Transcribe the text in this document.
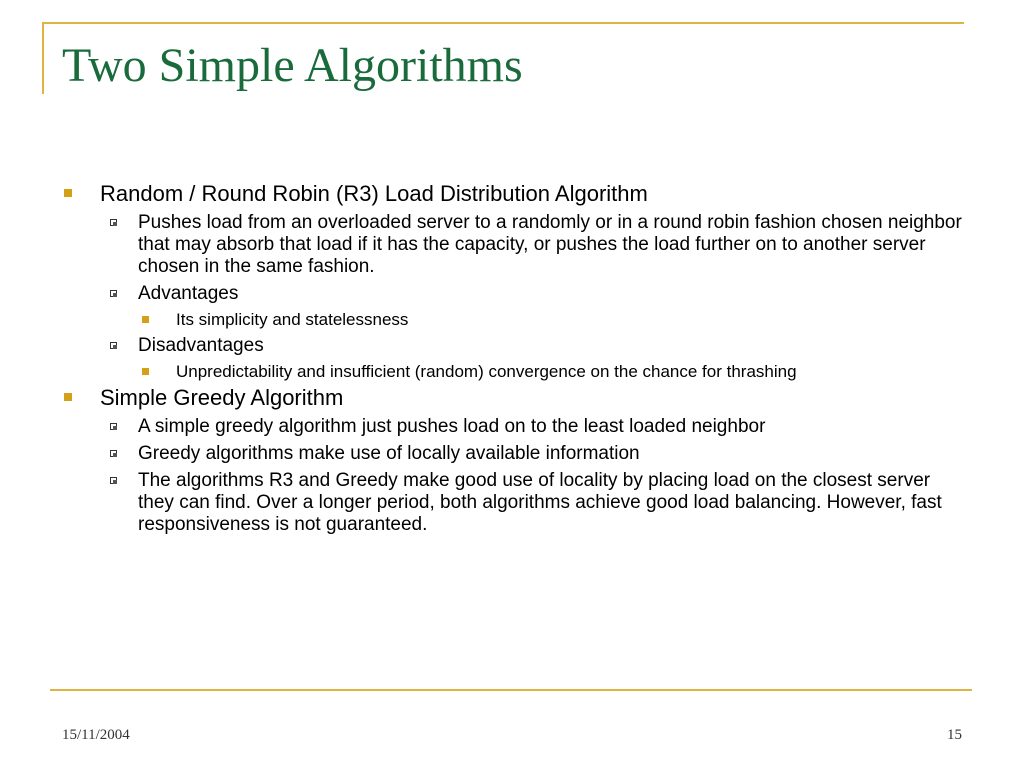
Two Simple Algorithms
Random / Round Robin (R3) Load Distribution Algorithm
Pushes load from an overloaded server to a randomly or in a round robin fashion chosen neighbor that may absorb that load if it has the capacity, or pushes the load further on to another server chosen in the same fashion.
Advantages
Its simplicity and statelessness
Disadvantages
Unpredictability and insufficient (random) convergence on the chance for thrashing
Simple Greedy Algorithm
A simple greedy algorithm just pushes load on to the least loaded neighbor
Greedy algorithms make use of locally available information
The algorithms R3 and Greedy make good use of locality by placing load on the closest server they can find. Over a longer period, both algorithms achieve good load balancing. However, fast responsiveness is not guaranteed.
15/11/2004	15
